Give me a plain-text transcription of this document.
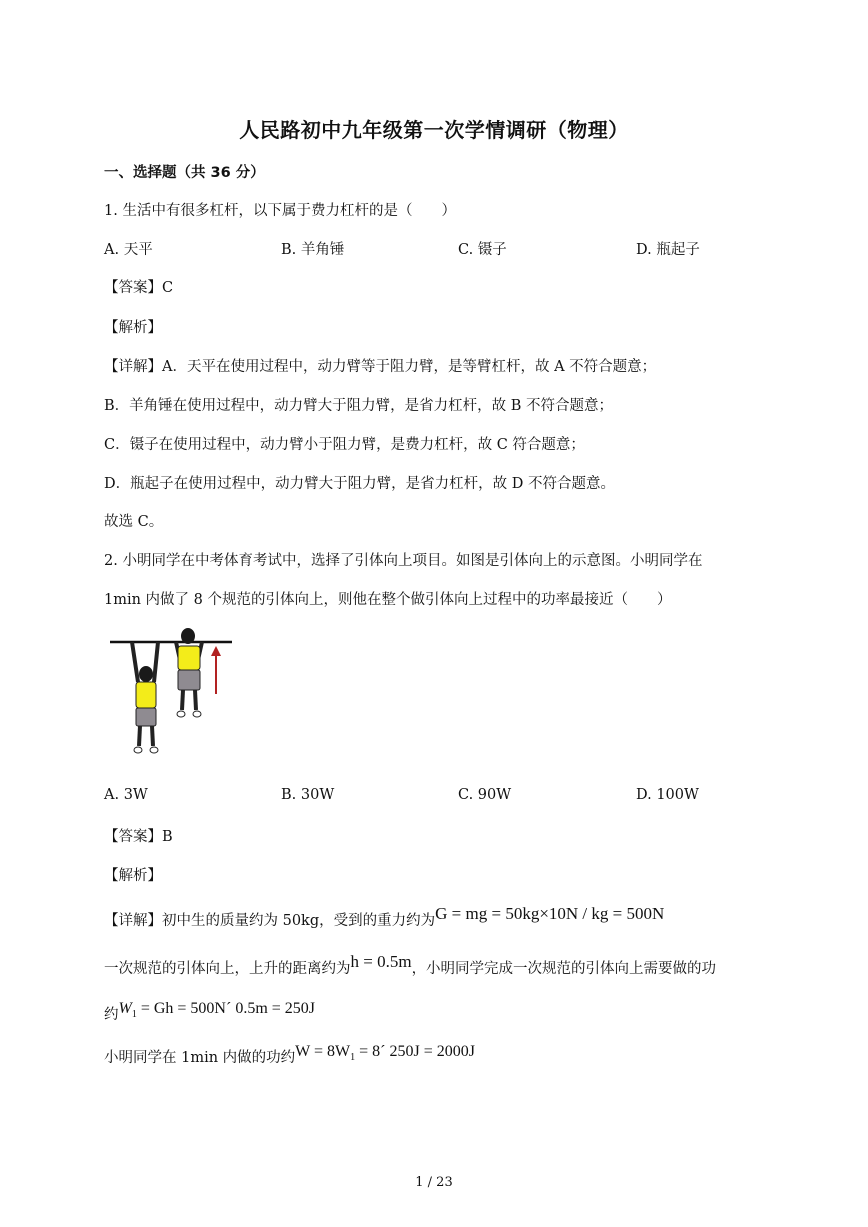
人民路初中九年级第一次学情调研（物理）
一、选择题（共 36 分）
1. 生活中有很多杠杆，以下属于费力杠杆的是（　　）
A. 天平	B. 羊角锤	C. 镊子	D. 瓶起子
【答案】C
【解析】
【详解】A．天平在使用过程中，动力臂等于阻力臂，是等臂杠杆，故 A 不符合题意；
B．羊角锤在使用过程中，动力臂大于阻力臂，是省力杠杆，故 B 不符合题意；
C．镊子在使用过程中，动力臂小于阻力臂，是费力杠杆，故 C 符合题意；
D．瓶起子在使用过程中，动力臂大于阻力臂，是省力杠杆，故 D 不符合题意。
故选 C。
2. 小明同学在中考体育考试中，选择了引体向上项目。如图是引体向上的示意图。小明同学在
1min 内做了 8 个规范的引体向上，则他在整个做引体向上过程中的功率最接近（　　）
A. 3W	B. 30W	C. 90W	D. 100W
【答案】B
【解析】
【详解】初中生的质量约为 50kg，受到的重力约为G = mg = 50kg×10N / kg = 500N
一次规范的引体向上，上升的距离约为h = 0.5m，小明同学完成一次规范的引体向上需要做的功
约$W_1 = Gh$ = 500N´ 0.5m = 250J
小明同学在 1min 内做的功约$W = 8W_1$ = 8´ 250J = 2000J
1 / 23
